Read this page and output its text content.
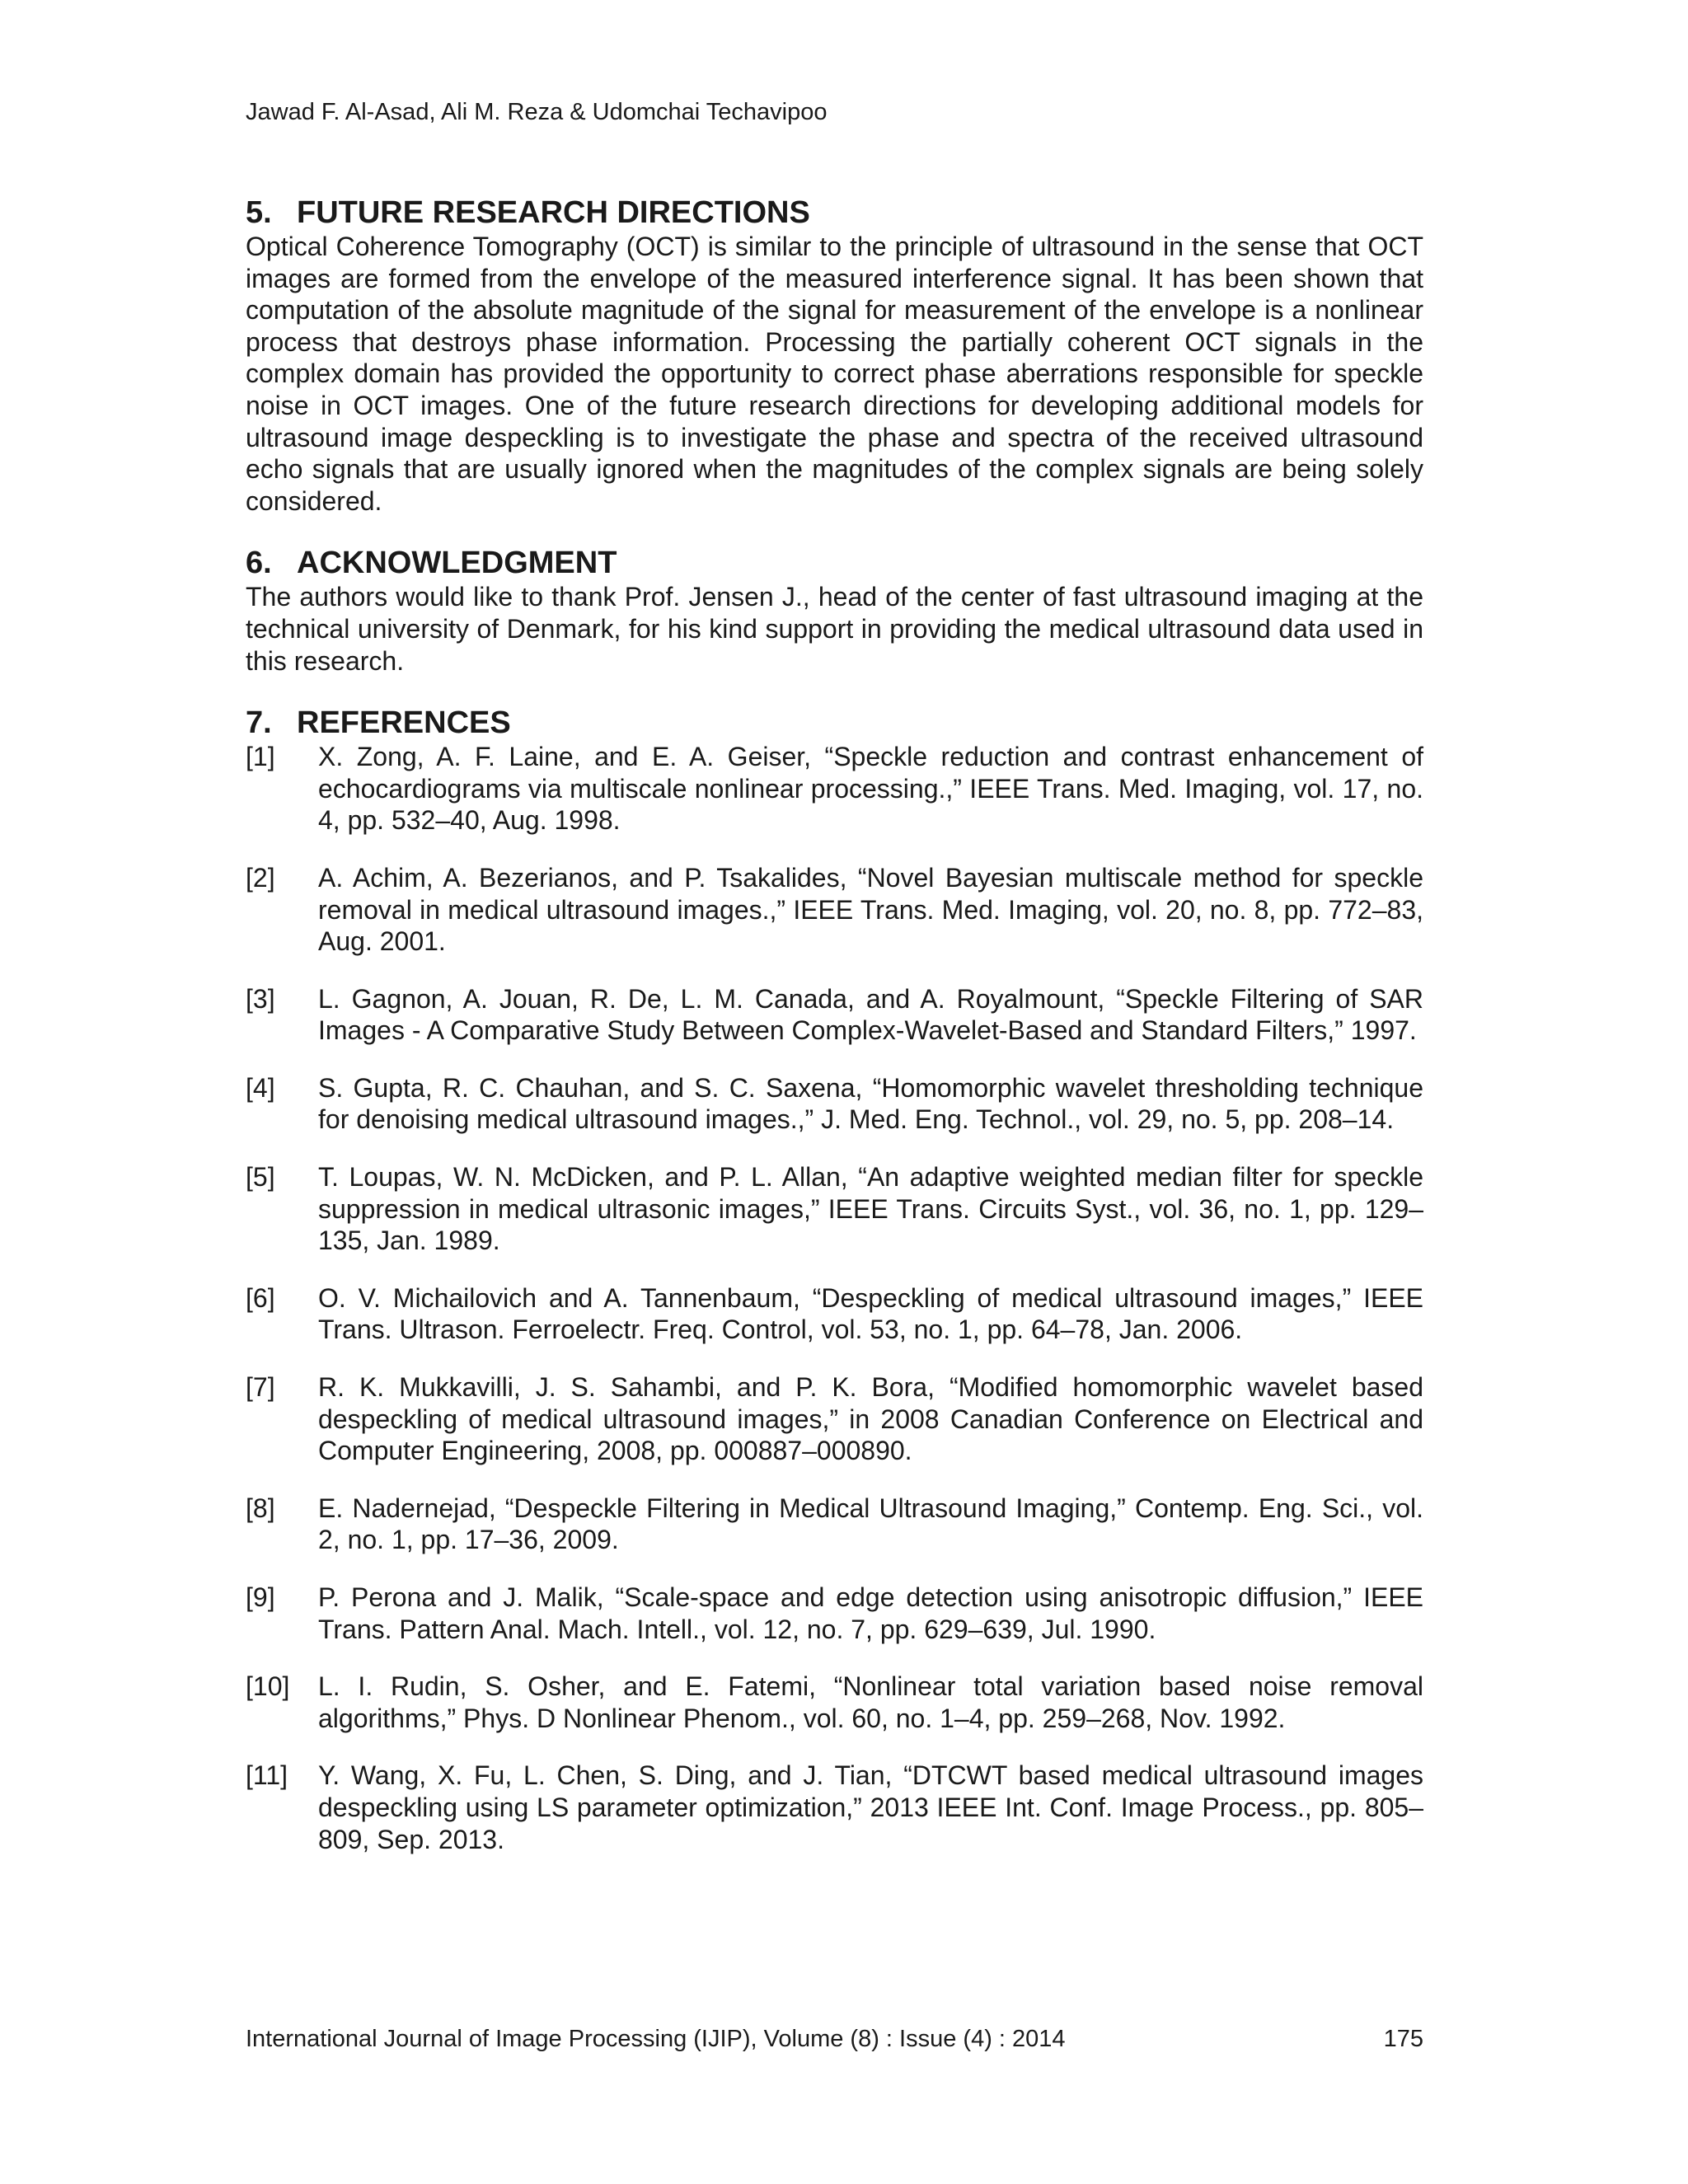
Jawad F. Al-Asad, Ali M. Reza & Udomchai Techavipoo
5. FUTURE RESEARCH DIRECTIONS

Optical Coherence Tomography (OCT) is similar to the principle of ultrasound in the sense that OCT images are formed from the envelope of the measured interference signal. It has been shown that computation of the absolute magnitude of the signal for measurement of the envelope is a nonlinear process that destroys phase information. Processing the partially coherent OCT signals in the complex domain has provided the opportunity to correct phase aberrations responsible for speckle noise in OCT images. One of the future research directions for developing additional models for ultrasound image despeckling is to investigate the phase and spectra of the received ultrasound echo signals that are usually ignored when the magnitudes of the complex signals are being solely considered.

6. ACKNOWLEDGMENT

The authors would like to thank Prof. Jensen J., head of the center of fast ultrasound imaging at the technical university of Denmark, for his kind support in providing the medical ultrasound data used in this research.

7. REFERENCES
[1]	X. Zong, A. F. Laine, and E. A. Geiser, “Speckle reduction and contrast enhancement of echocardiograms via multiscale nonlinear processing.,” IEEE Trans. Med. Imaging, vol. 17, no. 4, pp. 532–40, Aug. 1998.
[2]	A. Achim, A. Bezerianos, and P. Tsakalides, “Novel Bayesian multiscale method for speckle removal in medical ultrasound images.,” IEEE Trans. Med. Imaging, vol. 20, no. 8, pp. 772–83, Aug. 2001.
[3]	L. Gagnon, A. Jouan, R. De, L. M. Canada, and A. Royalmount, “Speckle Filtering of SAR Images - A Comparative Study Between Complex-Wavelet-Based and Standard Filters,” 1997.
[4]	S. Gupta, R. C. Chauhan, and S. C. Saxena, “Homomorphic wavelet thresholding technique for denoising medical ultrasound images.,” J. Med. Eng. Technol., vol. 29, no. 5, pp. 208–14.
[5]	T. Loupas, W. N. McDicken, and P. L. Allan, “An adaptive weighted median filter for speckle suppression in medical ultrasonic images,” IEEE Trans. Circuits Syst., vol. 36, no. 1, pp. 129–135, Jan. 1989.
[6]	O. V. Michailovich and A. Tannenbaum, “Despeckling of medical ultrasound images,” IEEE Trans. Ultrason. Ferroelectr. Freq. Control, vol. 53, no. 1, pp. 64–78, Jan. 2006.
[7]	R. K. Mukkavilli, J. S. Sahambi, and P. K. Bora, “Modified homomorphic wavelet based despeckling of medical ultrasound images,” in 2008 Canadian Conference on Electrical and Computer Engineering, 2008, pp. 000887–000890.
[8]	E. Nadernejad, “Despeckle Filtering in Medical Ultrasound Imaging,” Contemp. Eng. Sci., vol. 2, no. 1, pp. 17–36, 2009.
[9]	P. Perona and J. Malik, “Scale-space and edge detection using anisotropic diffusion,” IEEE Trans. Pattern Anal. Mach. Intell., vol. 12, no. 7, pp. 629–639, Jul. 1990.
[10]	L. I. Rudin, S. Osher, and E. Fatemi, “Nonlinear total variation based noise removal algorithms,” Phys. D Nonlinear Phenom., vol. 60, no. 1–4, pp. 259–268, Nov. 1992.
[11]	Y. Wang, X. Fu, L. Chen, S. Ding, and J. Tian, “DTCWT based medical ultrasound images despeckling using LS parameter optimization,” 2013 IEEE Int. Conf. Image Process., pp. 805–809, Sep. 2013.
International Journal of Image Processing (IJIP), Volume (8) : Issue (4) : 2014	175
